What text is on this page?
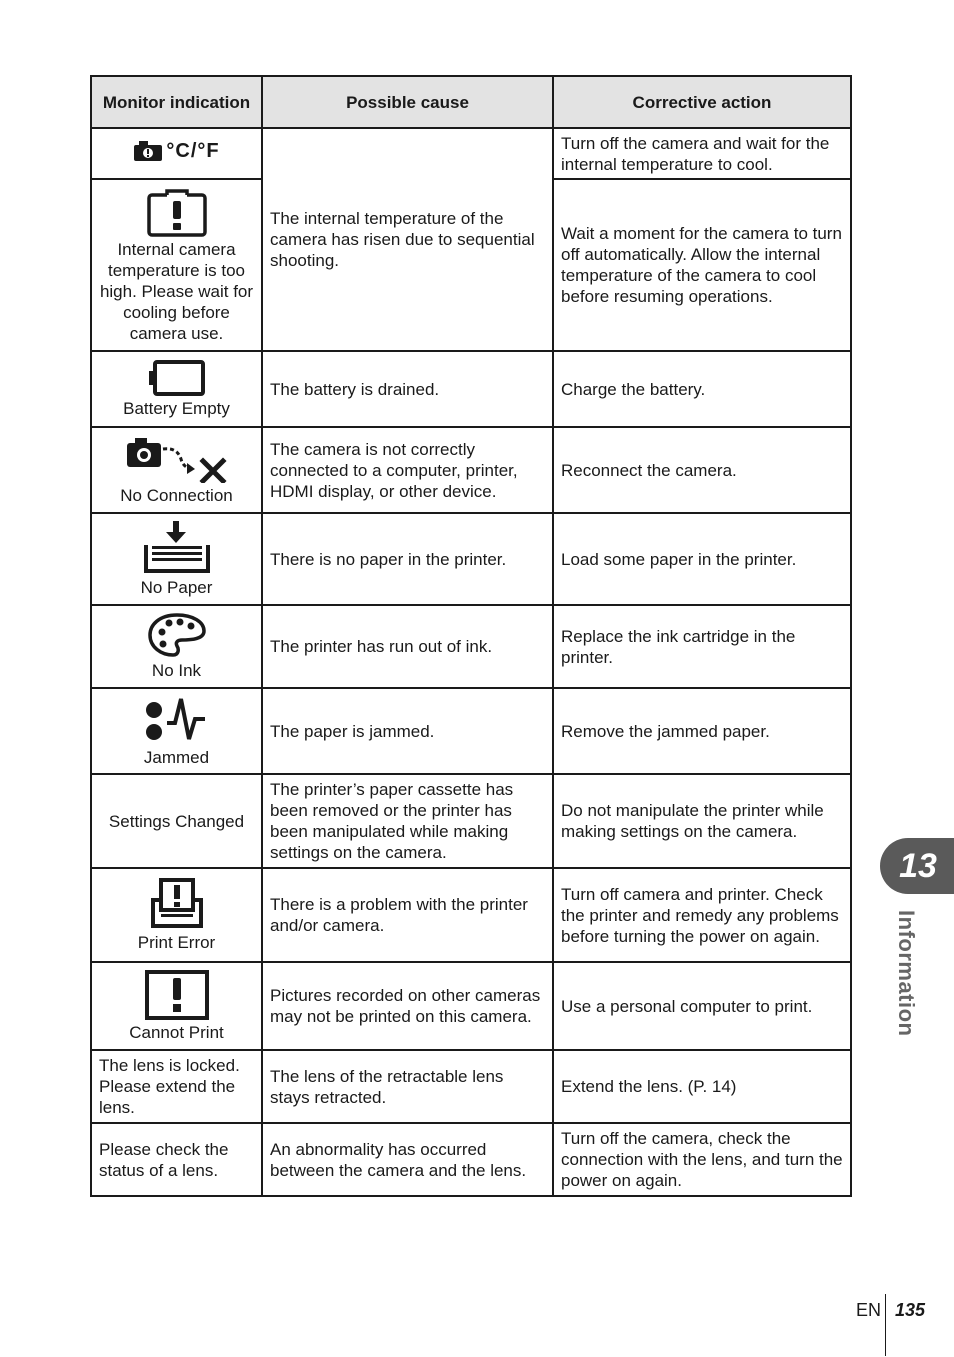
Monitor indication	Possible cause	Corrective action

°C/°F	The internal temperature of the camera has risen due to sequential shooting.	Turn off the camera and wait for the internal temperature to cool.

Internal camera temperature is too high. Please wait for cooling before camera use.		Wait a moment for the camera to turn off automatically. Allow the internal temperature of the camera to cool before resuming operations.

Battery Empty	The battery is drained.	Charge the battery.

No Connection	The camera is not correctly connected to a computer, printer, HDMI display, or other device.	Reconnect the camera.

No Paper	There is no paper in the printer.	Load some paper in the printer.

No Ink	The printer has run out of ink.	Replace the ink cartridge in the printer.

Jammed	The paper is jammed.	Remove the jammed paper.

Settings Changed	The printer’s paper cassette has been removed or the printer has been manipulated while making settings on the camera.	Do not manipulate the printer while making settings on the camera.

Print Error	There is a problem with the printer and/or camera.	Turn off camera and printer. Check the printer and remedy any problems before turning the power on again.

Cannot Print	Pictures recorded on other cameras may not be printed on this camera.	Use a personal computer to print.
The lens is locked. Please extend the lens.	The lens of the retractable lens stays retracted.	Extend the lens. (P. 14)
Please check the status of a lens.	An abnormality has occurred between the camera and the lens.	Turn off the camera, check the connection with the lens, and turn the power on again.
13
Information
EN 135
